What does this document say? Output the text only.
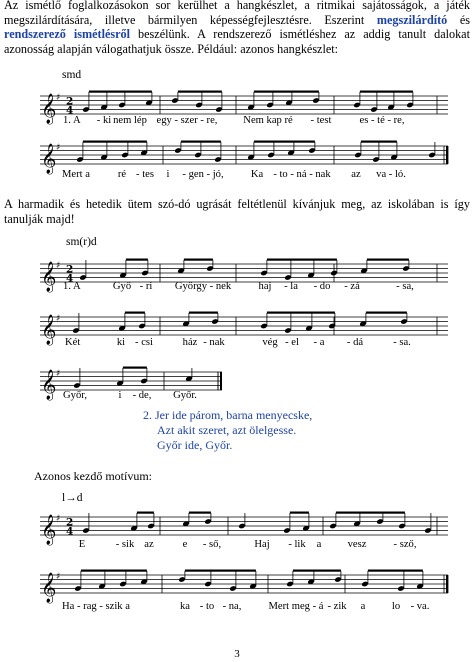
Az ismétlő foglalkozásokon sor kerülhet a hangkészlet, a ritmikai sajátosságok, a játék megszilárdítására, illetve bármilyen képességfejlesztésre. Eszerint megszilárdító és rendszerező ismétlésről beszélünk. A rendszerező ismétléshez az addig tanult dalokat azonosság alapján válogathatjuk össze. Például: azonos hangkészlet:

smd
𝄞 ♯ 2
4
1. A - ki nem lép egy - szer - re, Nem kap ré - test	es - té - re,
𝄞 ♯
Mert a	ré - tes i - gen - jó,	Ka - to - ná - nak az va - ló.

A harmadik és hetedik ütem szó-dó ugrását feltétlenül kívánjuk meg, az iskolában is így tanulják majd!

sm(r)d
𝄞 ♯ 2
4
1. A	Győ - ri György - nek	haj - la - do - zá	- sa,
𝄞 ♯
Két	ki - csi	ház - nak	vég - el - a - dá	- sa.
𝄞 ♯
Győr,	i - de, Győr.
2. Jer ide párom, barna menyecske,
Azt akit szeret, azt ölelgesse.
Győr ide, Győr.
Azonos kezdő motívum:
l→d
𝄞 ♯ 2
4
E	- sik az	e - ső,	Haj - lik a vesz	- sző,
𝄞 ♯
Ha - rag - szik a	ka - to - na,	Mert meg - á - zik a	lo - va.
3
